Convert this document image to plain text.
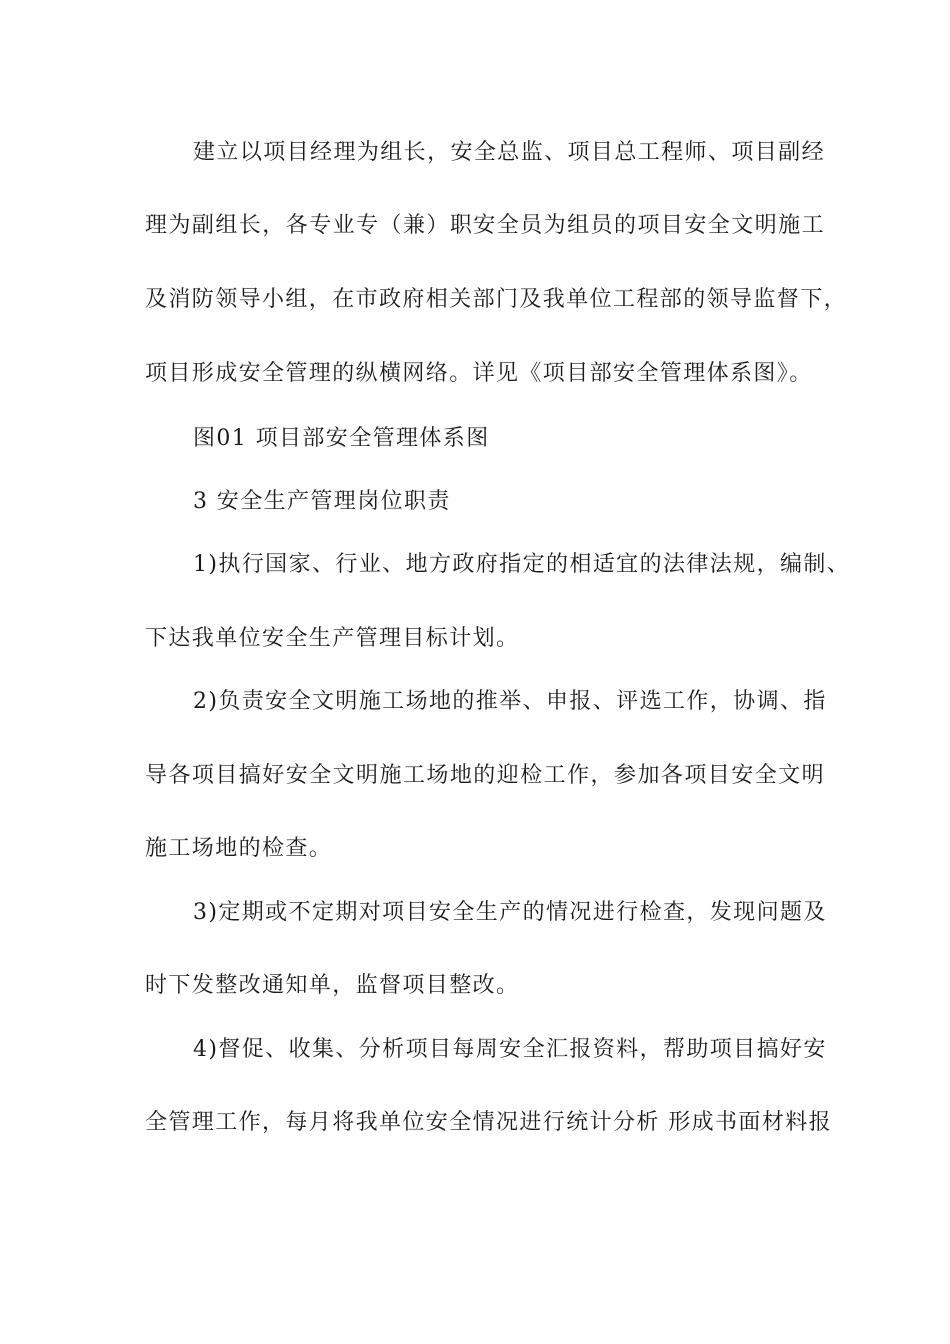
建立以项目经理为组长，安全总监、项目总工程师、项目副经
理为副组长，各专业专（兼）职安全员为组员的项目安全文明施工
及消防领导小组，在市政府相关部门及我单位工程部的领导监督下，
项目形成安全管理的纵横网络。详见《项目部安全管理体系图》。
图01 项目部安全管理体系图
3 安全生产管理岗位职责
1)执行国家、行业、地方政府指定的相适宜的法律法规，编制、
下达我单位安全生产管理目标计划。
2)负责安全文明施工场地的推举、申报、评选工作，协调、指
导各项目搞好安全文明施工场地的迎检工作，参加各项目安全文明
施工场地的检查。
3)定期或不定期对项目安全生产的情况进行检查，发现问题及
时下发整改通知单，监督项目整改。
4)督促、收集、分析项目每周安全汇报资料，帮助项目搞好安
全管理工作，每月将我单位安全情况进行统计分析 形成书面材料报
